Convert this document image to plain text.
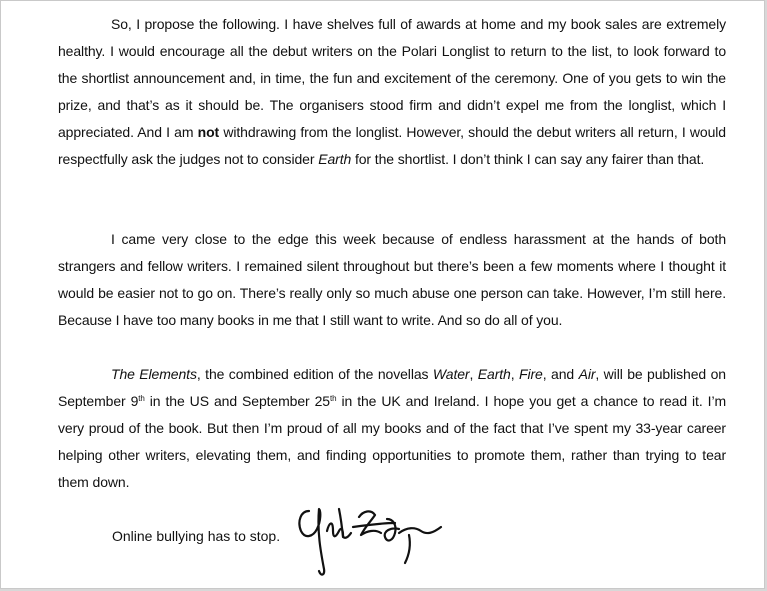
So, I propose the following. I have shelves full of awards at home and my book sales are extremely healthy. I would encourage all the debut writers on the Polari Longlist to return to the list, to look forward to the shortlist announcement and, in time, the fun and excitement of the ceremony. One of you gets to win the prize, and that’s as it should be. The organisers stood firm and didn’t expel me from the longlist, which I appreciated. And I am not withdrawing from the longlist. However, should the debut writers all return, I would respectfully ask the judges not to consider Earth for the shortlist. I don’t think I can say any fairer than that.

I came very close to the edge this week because of endless harassment at the hands of both strangers and fellow writers. I remained silent throughout but there’s been a few moments where I thought it would be easier not to go on. There’s really only so much abuse one person can take. However, I’m still here. Because I have too many books in me that I still want to write. And so do all of you.

The Elements, the combined edition of the novellas Water, Earth, Fire, and Air, will be published on September 9th in the US and September 25th in the UK and Ireland. I hope you get a chance to read it. I’m very proud of the book. But then I’m proud of all my books and of the fact that I’ve spent my 33-year career helping other writers, elevating them, and finding opportunities to promote them, rather than trying to tear them down.

Online bullying has to stop.
